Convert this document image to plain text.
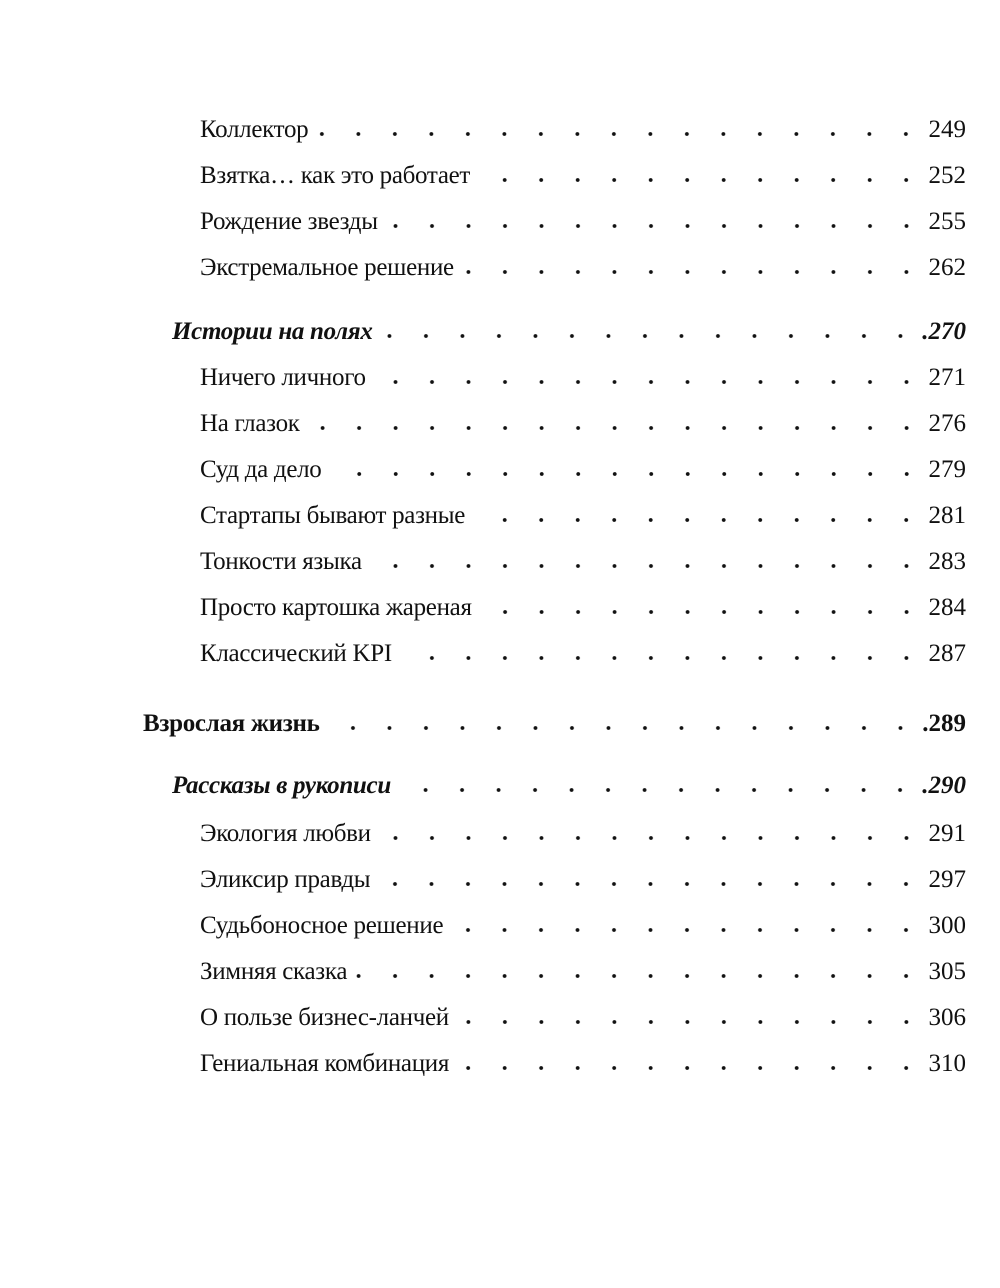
Коллектор	249
Взятка… как это работает	252
Рождение звезды	255
Экстремальное решение	262
Истории на полях	.270
Ничего личного	271
На глазок	276
Суд да дело	279
Стартапы бывают разные	281
Тонкости языка	283
Просто картошка жареная	284
Классический KPI	287
Взрослая жизнь	.289
Рассказы в рукописи	.290
Экология любви	291
Эликсир правды	297
Судьбоносное решение	300
Зимняя сказка	305
О пользе бизнес-ланчей	306
Гениальная комбинация	310
